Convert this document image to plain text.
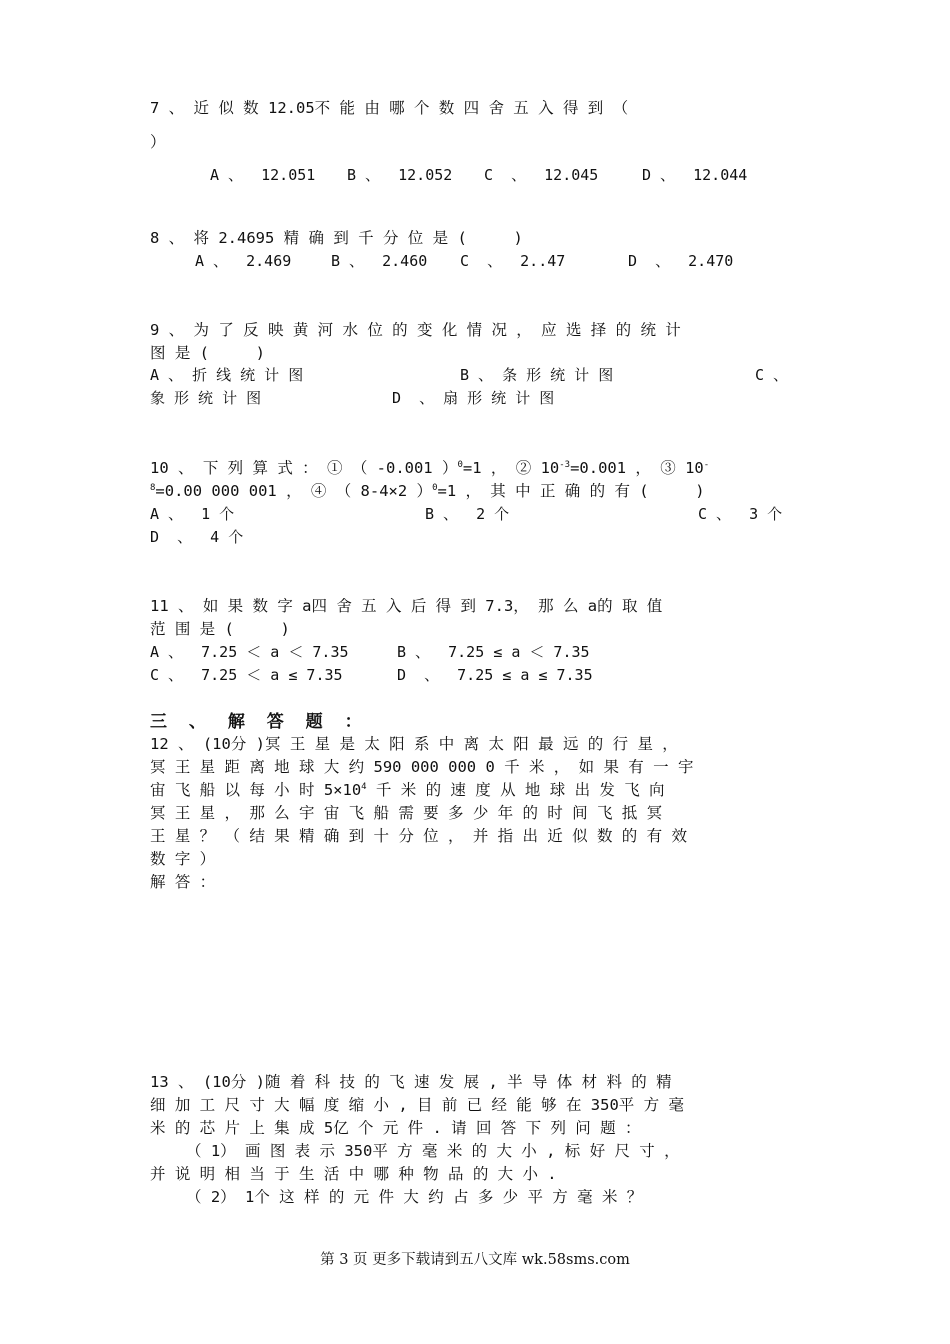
7 、 近 似 数 12.05不 能 由 哪 个 数 四 舍 五 入 得 到 （
）
A 、  12.051 B 、  12.052 C  、  12.045	D 、  12.044
8 、 将 2.4695 精 确 到 千 分 位 是 (     )
A 、  2.469	B 、  2.460 C  、  2..47	D  、  2.470
9 、 为 了 反 映 黄 河 水 位 的 变 化 情 况 ， 应 选 择 的 统 计
图 是 (     )
A 、 折 线 统 计 图	B 、 条 形 统 计 图	C 、
象 形 统 计 图	D  、 扇 形 统 计 图
10 、 下 列 算 式 ： ① （ -0.001 ）$^0$=1 ， ② $10^{-3}=0.001$ ， ③ 10-
$^8$=0.00 000 001 ， ④ （ 8-4×2 ）$^0$=1 ， 其 中 正 确 的 有 (     )
A 、  1 个	B 、  2 个	C 、  3 个
D  、  4 个
11 、 如 果 数 字 a四 舍 五 入 后 得 到 7.3， 那 么 a的 取 值
范 围 是 (     )
A 、  7.25 ＜ a ＜ 7.35	B 、  7.25 ≤ a ＜ 7.35
C 、  7.25 ＜ a ≤ 7.35	D  、  7.25 ≤ a ≤ 7.35
三 、 解 答 题 ：
12 、 (10分 )冥 王 星 是 太 阳 系 中 离 太 阳 最 远 的 行 星 ，
冥 王 星 距 离 地 球 大 约 590 000 000 0 千 米 ， 如 果 有 一 宇
宙 飞 船 以 每 小 时 $5\times 10^4$ 千 米 的 速 度 从 地 球 出 发 飞 向
冥 王 星 ， 那 么 宇 宙 飞 船 需 要 多 少 年 的 时 间 飞 抵 冥
王 星 ？ （ 结 果 精 确 到 十 分 位 ， 并 指 出 近 似 数 的 有 效
数 字 ）
解 答 ：
13 、 (10分 )随 着 科 技 的 飞 速 发 展 , 半 导 体 材 料 的 精
细 加 工 尺 寸 大 幅 度 缩 小 , 目 前 已 经 能 够 在 350平 方 毫
米 的 芯 片 上 集 成 5亿 个 元 件 . 请 回 答 下 列 问 题 ：
（ 1） 画 图 表 示 350平 方 毫 米 的 大 小 , 标 好 尺 寸 ，
并 说 明 相 当 于 生 活 中 哪 种 物 品 的 大 小 .
（ 2） 1个 这 样 的 元 件 大 约 占 多 少 平 方 毫 米 ？
第 3 页 更多下载请到五八文库 wk.58sms.com
